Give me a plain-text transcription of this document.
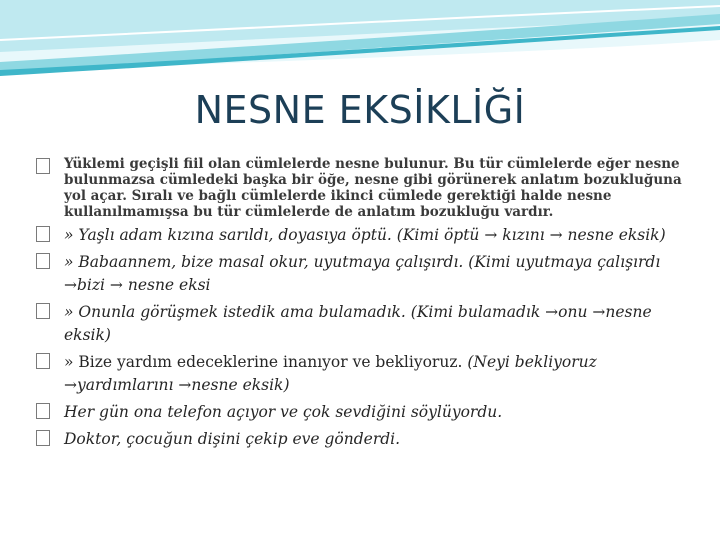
NESNE EKSİKLİĞİ
Yüklemi geçişli fiil olan cümlelerde nesne bulunur. Bu tür cümlelerde eğer nesne bulunmazsa cümledeki başka bir öğe, nesne gibi görünerek anlatım bozukluğuna yol açar. Sıralı ve bağlı cümlelerde ikinci cümlede gerektiği halde nesne kullanılmamışsa bu tür cümlelerde de anlatım bozukluğu vardır.
» Yaşlı adam kızına sarıldı, doyasıya öptü. (Kimi öptü → kızını → nesne eksik)
» Babaannem, bize masal okur, uyutmaya çalışırdı. (Kimi uyutmaya çalışırdı →bizi → nesne eksi
» Onunla görüşmek istedik ama bulamadık. (Kimi bulamadık →onu →nesne eksik)
» Bize yardım edeceklerine inanıyor ve bekliyoruz. (Neyi bekliyoruz →yardımlarını →nesne eksik)
Her gün ona telefon açıyor ve çok sevdiğini söylüyordu.
Doktor, çocuğun dişini çekip eve gönderdi.
